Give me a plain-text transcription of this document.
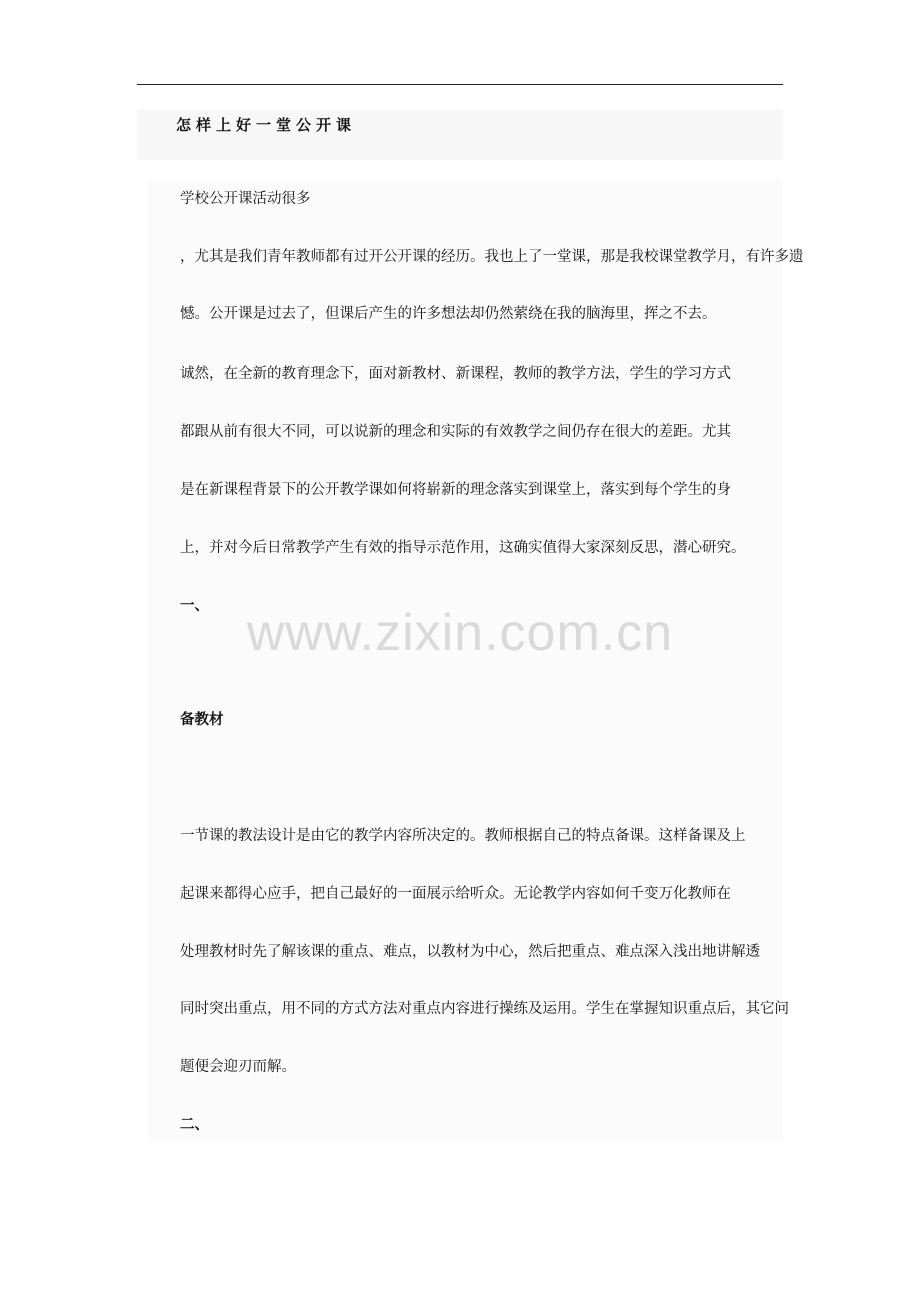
怎样上好一堂公开课
学校公开课活动很多
，尤其是我们青年教师都有过开公开课的经历。我也上了一堂课，那是我校课堂教学月，有许多遗
憾。公开课是过去了，但课后产生的许多想法却仍然萦绕在我的脑海里，挥之不去。
诚然，在全新的教育理念下，面对新教材、新课程，教师的教学方法，学生的学习方式
都跟从前有很大不同，可以说新的理念和实际的有效教学之间仍存在很大的差距。尤其
是在新课程背景下的公开教学课如何将崭新的理念落实到课堂上，落实到每个学生的身
上，并对今后日常教学产生有效的指导示范作用，这确实值得大家深刻反思，潜心研究。
一、 www.zixin.com.cn
备教材
一节课的教法设计是由它的教学内容所决定的。教师根据自己的特点备课。这样备课及上
起课来都得心应手，把自己最好的一面展示给听众。无论教学内容如何千变万化教师在
处理教材时先了解该课的重点、难点，以教材为中心，然后把重点、难点深入浅出地讲解透
同时突出重点，用不同的方式方法对重点内容进行操练及运用。学生在掌握知识重点后，其它问
题便会迎刃而解。
二、
